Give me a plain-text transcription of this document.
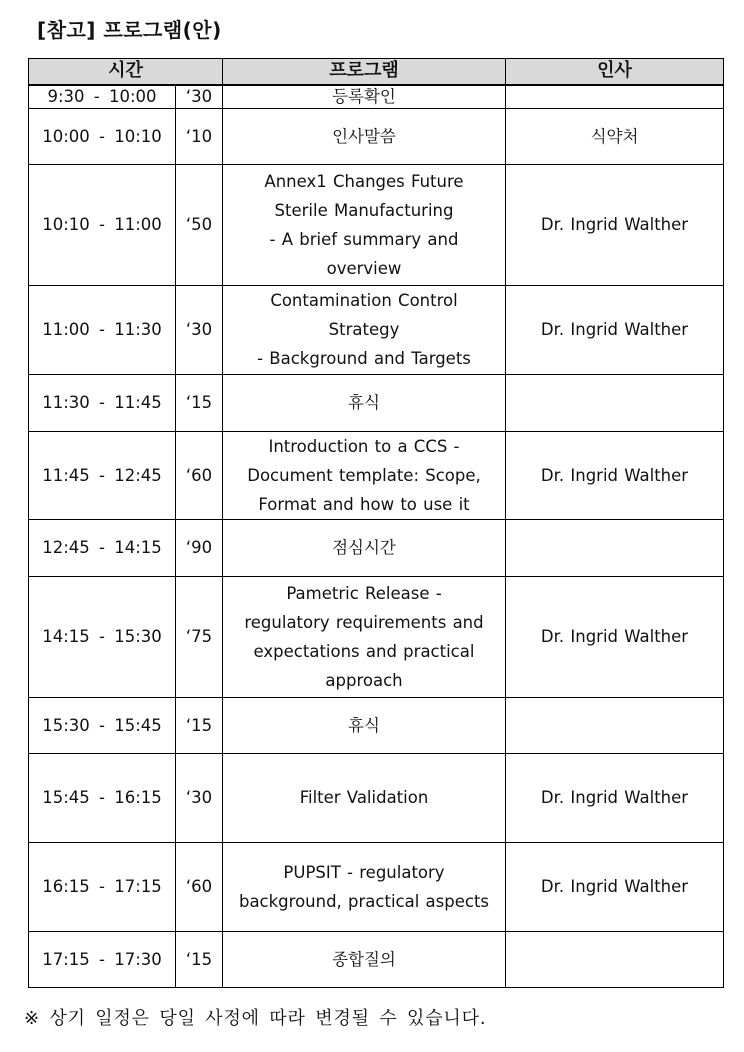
[참고] 프로그램(안)
시간		프로그램	인사
9:30 - 10:00	‘30	등록확인	
10:00 - 10:10	‘10	인사말씀	식약처
10:10 - 11:00	‘50	Annex1 Changes Future
Sterile Manufacturing
- A brief summary and
overview	Dr. Ingrid Walther
11:00 - 11:30	‘30	Contamination Control
Strategy
- Background and Targets	Dr. Ingrid Walther
11:30 - 11:45	‘15	휴식	
11:45 - 12:45	‘60	Introduction to a CCS -
Document template: Scope,
Format and how to use it	Dr. Ingrid Walther
12:45 - 14:15	‘90	점심시간	
14:15 - 15:30	‘75	Pametric Release -
regulatory requirements and
expectations and practical
approach	Dr. Ingrid Walther
15:30 - 15:45	‘15	휴식	
15:45 - 16:15	‘30	Filter Validation	Dr. Ingrid Walther
16:15 - 17:15	‘60	PUPSIT - regulatory
background, practical aspects	Dr. Ingrid Walther
17:15 - 17:30	‘15	종합질의	
※ 상기 일정은 당일 사정에 따라 변경될 수 있습니다.
